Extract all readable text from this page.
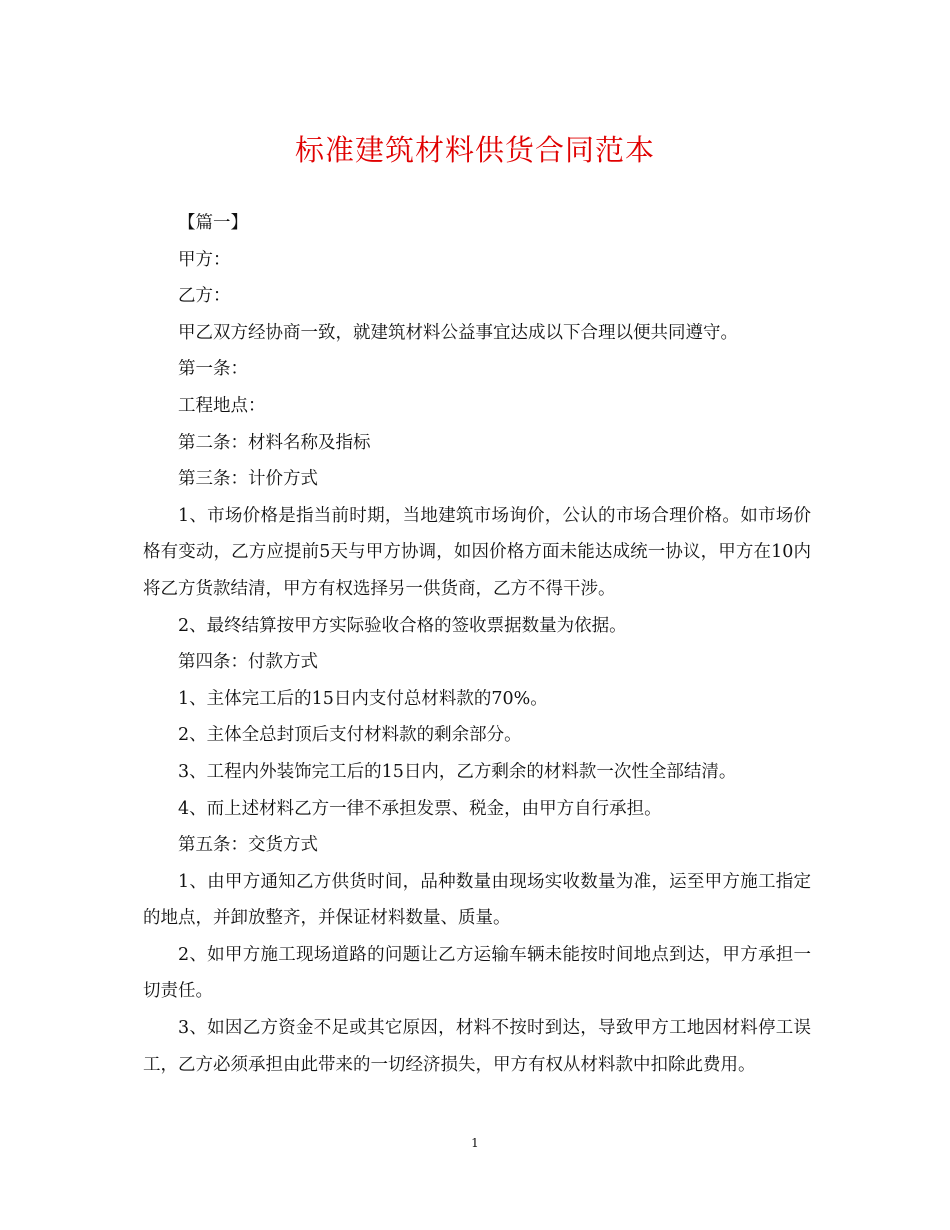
标准建筑材料供货合同范本

【篇一】

甲方：

乙方：

甲乙双方经协商一致，就建筑材料公益事宜达成以下合理以便共同遵守。

第一条：

工程地点：

第二条：材料名称及指标

第三条：计价方式

1、市场价格是指当前时期，当地建筑市场询价，公认的市场合理价格。如市场价格有变动，乙方应提前5天与甲方协调，如因价格方面未能达成统一协议，甲方在10内将乙方货款结清，甲方有权选择另一供货商，乙方不得干涉。

2、最终结算按甲方实际验收合格的签收票据数量为依据。

第四条：付款方式

1、主体完工后的15日内支付总材料款的70%。

2、主体全总封顶后支付材料款的剩余部分。

3、工程内外装饰完工后的15日内，乙方剩余的材料款一次性全部结清。

4、而上述材料乙方一律不承担发票、税金，由甲方自行承担。

第五条：交货方式

1、由甲方通知乙方供货时间，品种数量由现场实收数量为准，运至甲方施工指定的地点，并卸放整齐，并保证材料数量、质量。

2、如甲方施工现场道路的问题让乙方运输车辆未能按时间地点到达，甲方承担一切责任。

3、如因乙方资金不足或其它原因，材料不按时到达，导致甲方工地因材料停工误工，乙方必须承担由此带来的一切经济损失，甲方有权从材料款中扣除此费用。

1
